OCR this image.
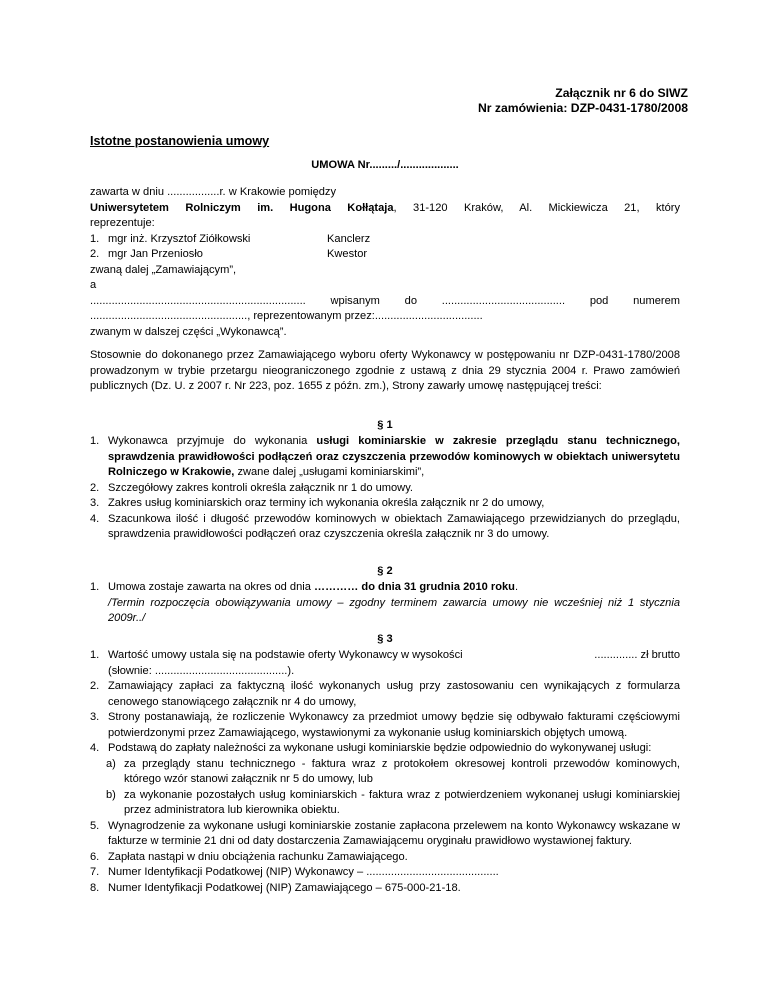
Załącznik nr 6 do SIWZ
Nr zamówienia: DZP-0431-1780/2008
Istotne postanowienia umowy
UMOWA Nr........./...................
zawarta w dniu .................r. w Krakowie pomiędzy
Uniwersytetem Rolniczym im. Hugona Kołłątaja, 31-120 Kraków, Al. Mickiewicza 21, który
reprezentuje:
1. mgr inż. Krzysztof Ziółkowski	Kanclerz
2. mgr Jan Przeniosło	Kwestor
zwaną dalej „Zamawiającym”,
a
...................................................................... wpisanym do ........................................ pod numerem
..................................................., reprezentowanym przez:...................................
zwanym w dalszej części „Wykonawcą”.
Stosownie do dokonanego przez Zamawiającego wyboru oferty Wykonawcy w postępowaniu nr DZP-0431-1780/2008 prowadzonym w trybie przetargu nieograniczonego zgodnie z ustawą z dnia 29 stycznia 2004 r. Prawo zamówień publicznych (Dz. U. z 2007 r. Nr 223, poz. 1655 z późn. zm.), Strony zawarły umowę następującej treści:
§ 1
1. Wykonawca przyjmuje do wykonania usługi kominiarskie w zakresie przeglądu stanu technicznego, sprawdzenia prawidłowości podłączeń oraz czyszczenia przewodów kominowych w obiektach uniwersytetu Rolniczego w Krakowie, zwane dalej „usługami kominiarskimi”,
2. Szczegółowy zakres kontroli określa załącznik nr 1 do umowy.
3. Zakres usług kominiarskich oraz terminy ich wykonania określa załącznik nr 2 do umowy,
4. Szacunkowa ilość i długość przewodów kominowych w obiektach Zamawiającego przewidzianych do przeglądu, sprawdzenia prawidłowości podłączeń oraz czyszczenia określa załącznik nr 3 do umowy.
§ 2
1. Umowa zostaje zawarta na okres od dnia ………… do dnia 31 grudnia 2010 roku.
/Termin rozpoczęcia obowiązywania umowy – zgodny terminem zawarcia umowy nie wcześniej niż 1 stycznia 2009r../
§ 3
1. Wartość umowy ustala się na podstawie oferty Wykonawcy w wysokości	.............. zł brutto

(słownie: ...........................................).
2. Zamawiający zapłaci za faktyczną ilość wykonanych usług przy zastosowaniu cen wynikających z formularza cenowego stanowiącego załącznik nr 4 do umowy,
3. Strony postanawiają, że rozliczenie Wykonawcy za przedmiot umowy będzie się odbywało fakturami częściowymi potwierdzonymi przez Zamawiającego, wystawionymi za wykonanie usług kominiarskich objętych umową.
4. Podstawą do zapłaty należności za wykonane usługi kominiarskie będzie odpowiednio do wykonywanej usługi:
a) za przeglądy stanu technicznego - faktura wraz z protokołem okresowej kontroli przewodów kominowych, którego wzór stanowi załącznik nr 5 do umowy, lub
b) za wykonanie pozostałych usług kominiarskich - faktura wraz z potwierdzeniem wykonanej usługi kominiarskiej przez administratora lub kierownika obiektu.
5. Wynagrodzenie za wykonane usługi kominiarskie zostanie zapłacona przelewem na konto Wykonawcy wskazane w fakturze w terminie 21 dni od daty dostarczenia Zamawiającemu oryginału prawidłowo wystawionej faktury.
6. Zapłata nastąpi w dniu obciążenia rachunku Zamawiającego.
7. Numer Identyfikacji Podatkowej (NIP) Wykonawcy – ...........................................
8. Numer Identyfikacji Podatkowej (NIP) Zamawiającego – 675-000-21-18.
